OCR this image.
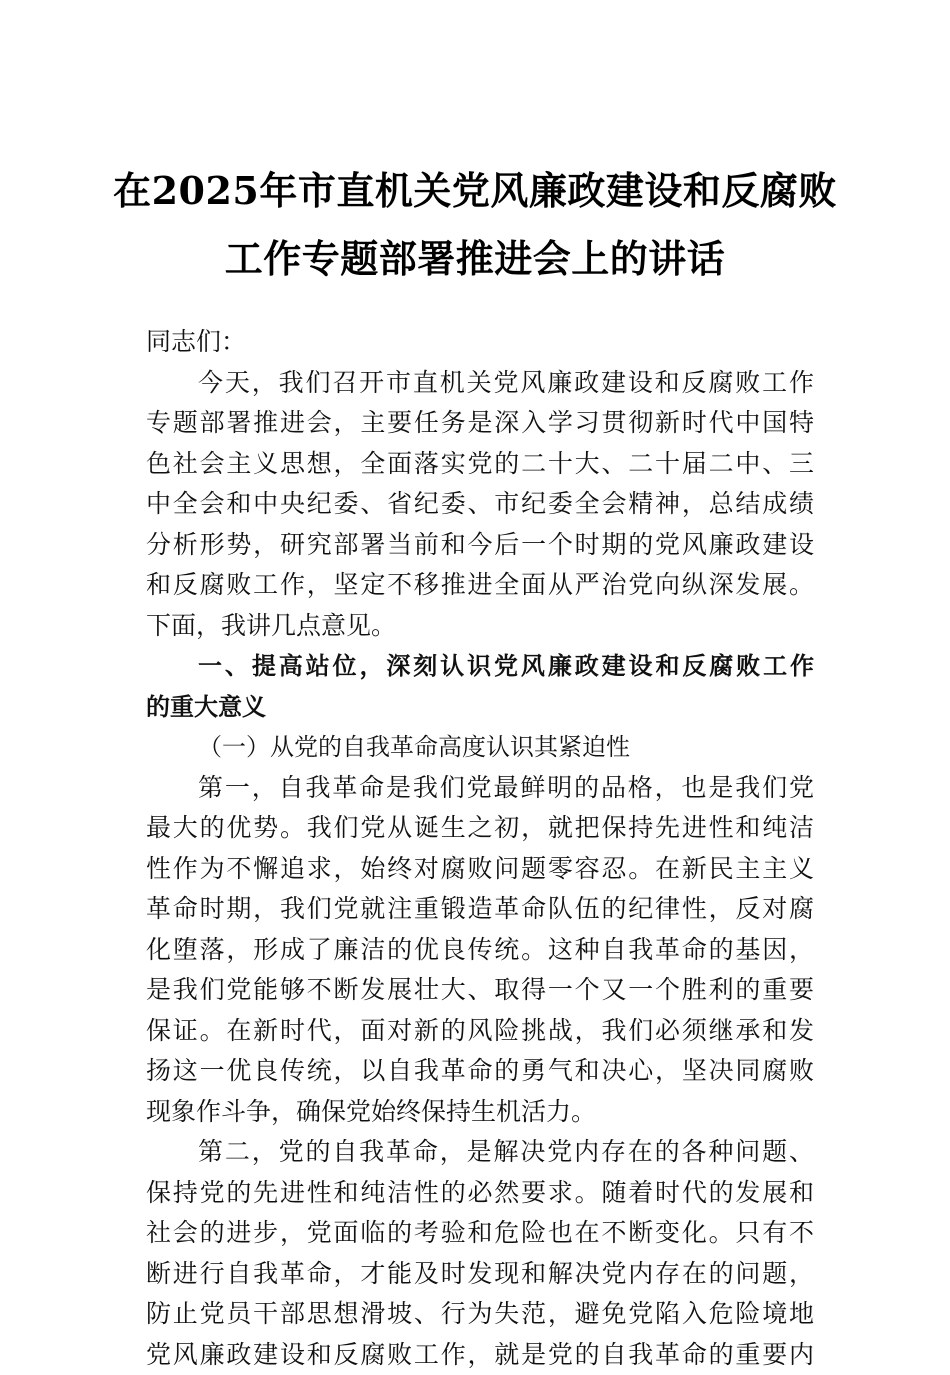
在2025年市直机关党风廉政建设和反腐败
工作专题部署推进会上的讲话
同志们：
今天，我们召开市直机关党风廉政建设和反腐败工作
专题部署推进会，主要任务是深入学习贯彻新时代中国特
色社会主义思想，全面落实党的二十大、二十届二中、三
中全会和中央纪委、省纪委、市纪委全会精神，总结成绩
分析形势，研究部署当前和今后一个时期的党风廉政建设
和反腐败工作，坚定不移推进全面从严治党向纵深发展。
下面，我讲几点意见。
一、提高站位，深刻认识党风廉政建设和反腐败工作
的重大意义
（一）从党的自我革命高度认识其紧迫性
第一，自我革命是我们党最鲜明的品格，也是我们党
最大的优势。我们党从诞生之初，就把保持先进性和纯洁
性作为不懈追求，始终对腐败问题零容忍。在新民主主义
革命时期，我们党就注重锻造革命队伍的纪律性，反对腐
化堕落，形成了廉洁的优良传统。这种自我革命的基因，
是我们党能够不断发展壮大、取得一个又一个胜利的重要
保证。在新时代，面对新的风险挑战，我们必须继承和发
扬这一优良传统，以自我革命的勇气和决心，坚决同腐败
现象作斗争，确保党始终保持生机活力。
第二，党的自我革命，是解决党内存在的各种问题、
保持党的先进性和纯洁性的必然要求。随着时代的发展和
社会的进步，党面临的考验和危险也在不断变化。只有不
断进行自我革命，才能及时发现和解决党内存在的问题，
防止党员干部思想滑坡、行为失范，避免党陷入危险境地
党风廉政建设和反腐败工作，就是党的自我革命的重要内
